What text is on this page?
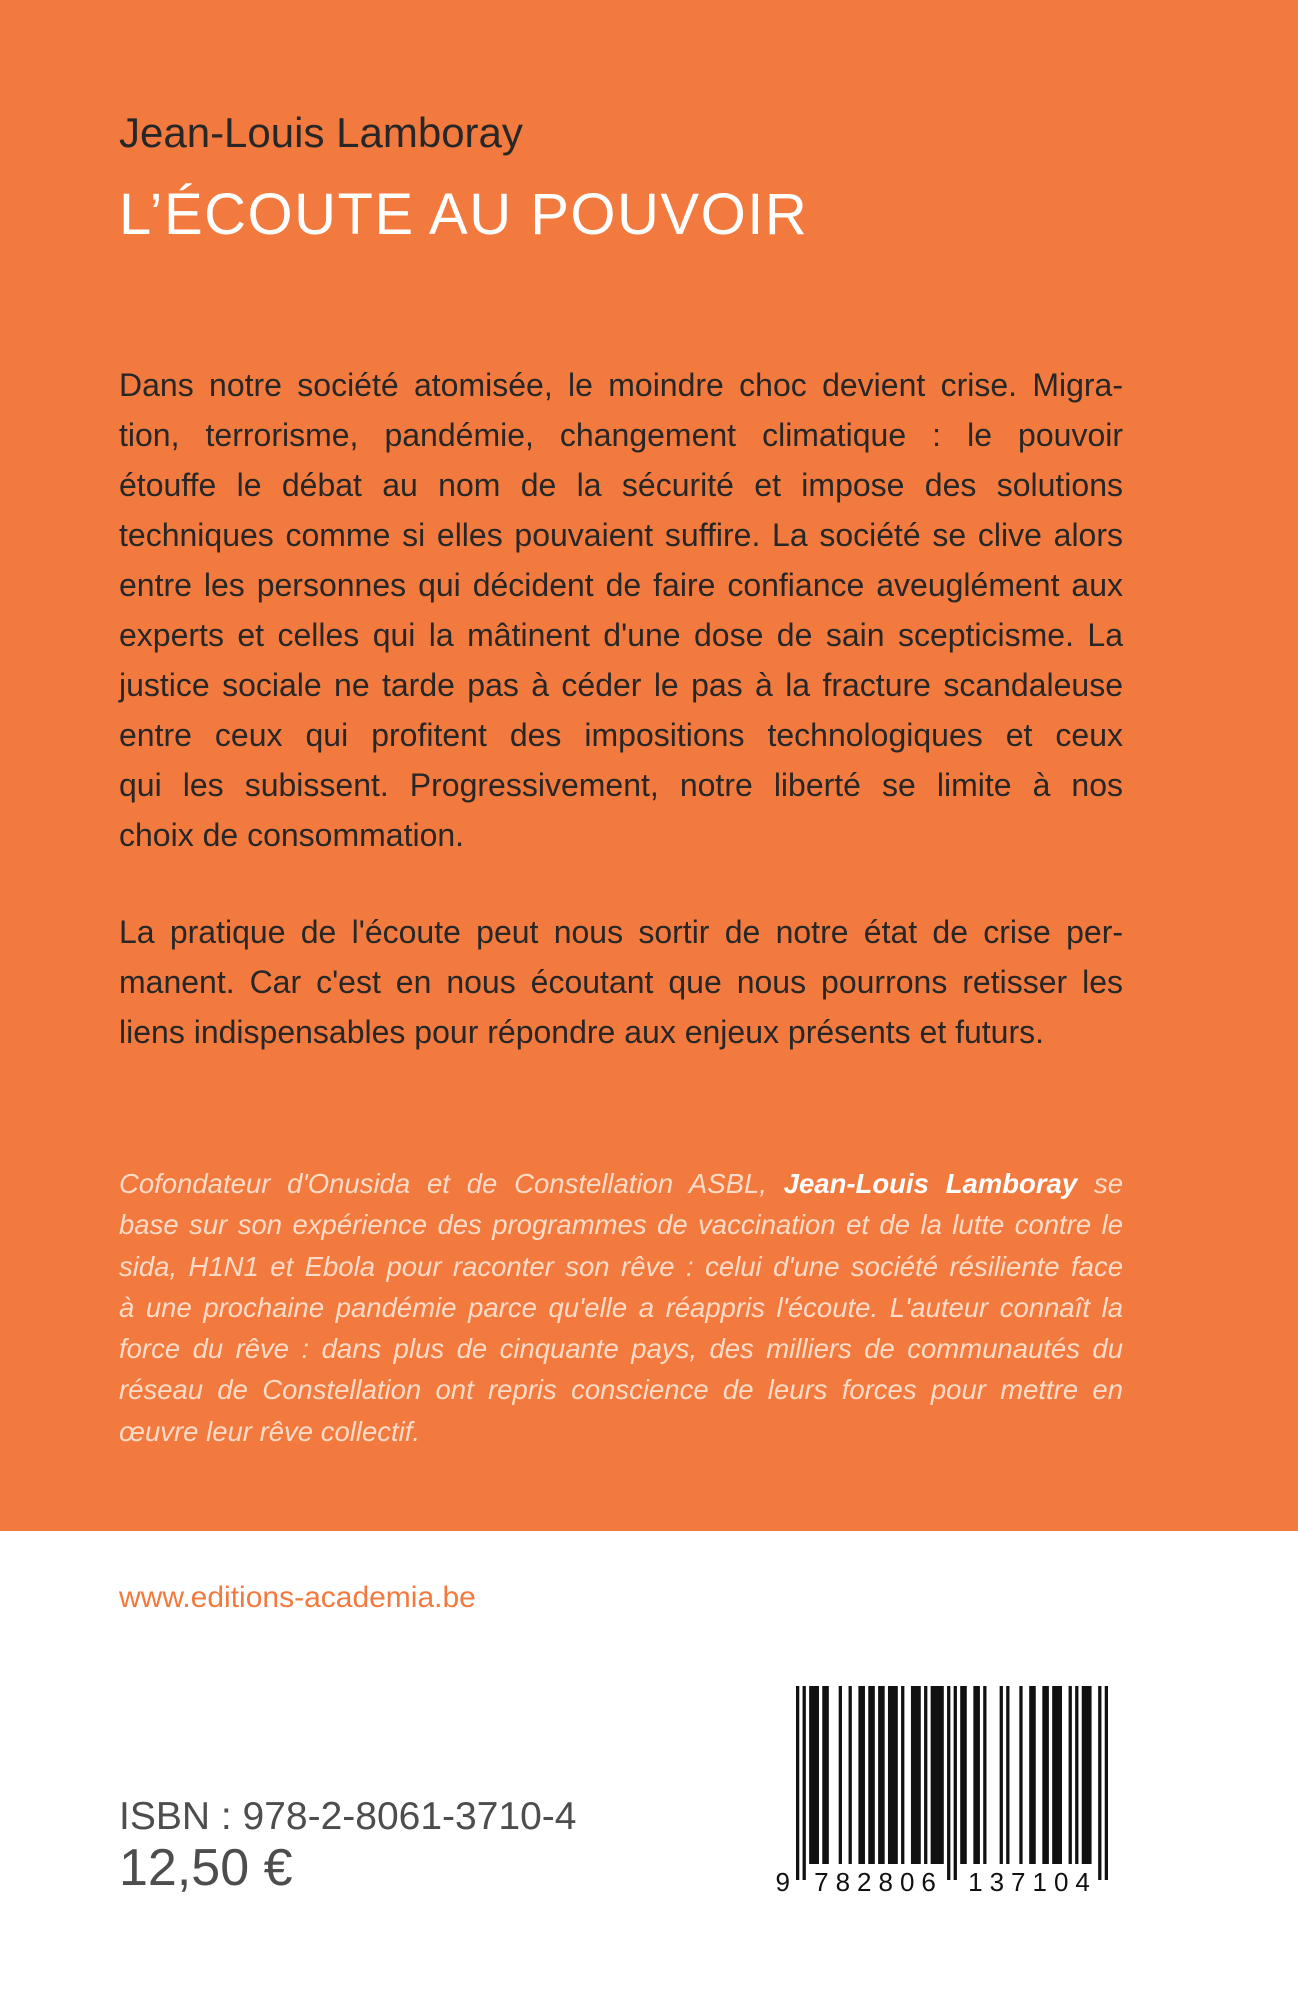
Jean-Louis Lamboray
L’ÉCOUTE AU POUVOIR
Dans notre société atomisée, le moindre choc devient crise. Migra-
tion, terrorisme, pandémie, changement climatique : le pouvoir
étouffe le débat au nom de la sécurité et impose des solutions
techniques comme si elles pouvaient suffire. La société se clive alors
entre les personnes qui décident de faire confiance aveuglément aux
experts et celles qui la mâtinent d'une dose de sain scepticisme. La
justice sociale ne tarde pas à céder le pas à la fracture scandaleuse
entre ceux qui profitent des impositions technologiques et ceux
qui les subissent. Progressivement, notre liberté se limite à nos
choix de consommation.
La pratique de l'écoute peut nous sortir de notre état de crise per-
manent. Car c'est en nous écoutant que nous pourrons retisser les
liens indispensables pour répondre aux enjeux présents et futurs.
Cofondateur d'Onusida et de Constellation ASBL, Jean-Louis Lamboray se
base sur son expérience des programmes de vaccination et de la lutte contre le
sida, H1N1 et Ebola pour raconter son rêve : celui d'une société résiliente face
à une prochaine pandémie parce qu'elle a réappris l'écoute. L'auteur connaît la
force du rêve : dans plus de cinquante pays, des milliers de communautés du
réseau de Constellation ont repris conscience de leurs forces pour mettre en
œuvre leur rêve collectif.
www.editions-academia.be
ISBN : 978-2-8061-3710-4
12,50 €	9 782806 137104
